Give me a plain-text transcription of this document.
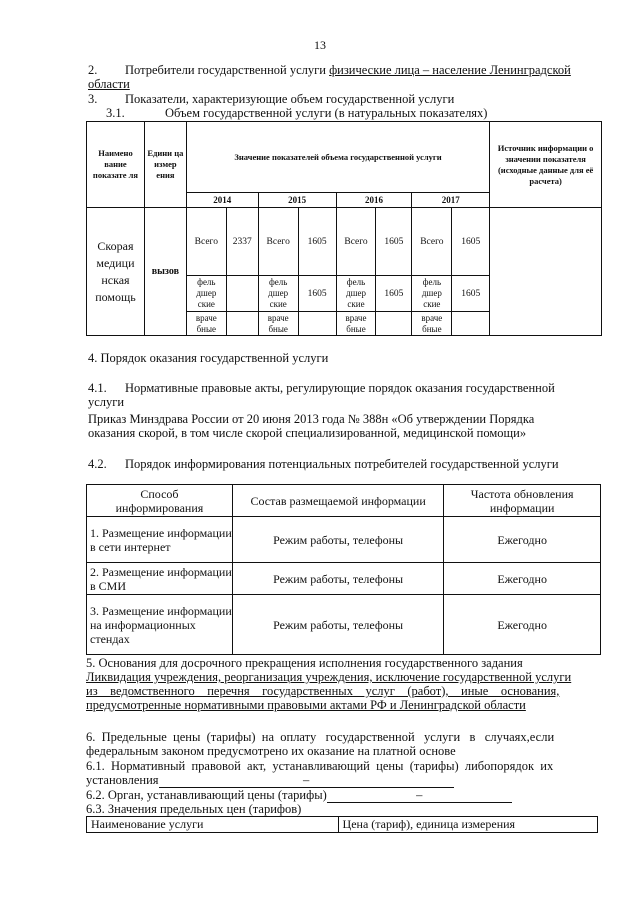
13
2. Потребители государственной услуги физические лица – население Ленинградской
области
3. Показатели, характеризующие объем государственной услуги
3.1.	Объем государственной услуги (в натуральных показателях)
Наимено вание показате ля	Едини ца измер ения	Значение показателей объема государственной услуги								Источник информации о значении показателя (исходные данные для её расчета)
		2014		2015		2016		2017		
Скорая медици нская помощь	вызов	Всего	2337	Всего	1605	Всего	1605	Всего	1605	
		фель дшер ские		фель дшер ские	1605	фель дшер ские	1605	фель дшер ские	1605	
		враче бные		враче бные		враче бные		враче бные		
4. Порядок оказания государственной услуги
4.1. Нормативные правовые акты, регулирующие порядок оказания государственной
услуги
Приказ Минздрава России от 20 июня 2013 года № 388н «Об утверждении Порядка
оказания скорой, в том числе скорой специализированной, медицинской помощи»
4.2. Порядок информирования потенциальных потребителей государственной услуги
Способ информирования	Состав размещаемой информации	Частота обновления информации
1. Размещение информации в сети интернет	Режим работы, телефоны	Ежегодно
2. Размещение информации в СМИ	Режим работы, телефоны	Ежегодно
3. Размещение информации на информационных стендах	Режим работы, телефоны	Ежегодно
5. Основания для досрочного прекращения исполнения государственного задания
Ликвидация учреждения, реорганизация учреждения, исключение государственной услуги
из    ведомственного    перечня    государственных    услуг    (работ),    иные    основания,
предусмотренные нормативными правовыми актами РФ и Ленинградской области
6.  Предельные  цены  (тарифы)  на  оплату   государственной   услуги   в   случаях,если
федеральным законом предусмотрено их оказание на платной основе
6.1.  Нормативный  правовой  акт,  устанавливающий  цены  (тарифы)  либопорядок  их
установления	–
6.2. Орган, устанавливающий цены (тарифы)	–
6.3. Значения предельных цен (тарифов)
Наименование услуги	Цена (тариф), единица измерения
